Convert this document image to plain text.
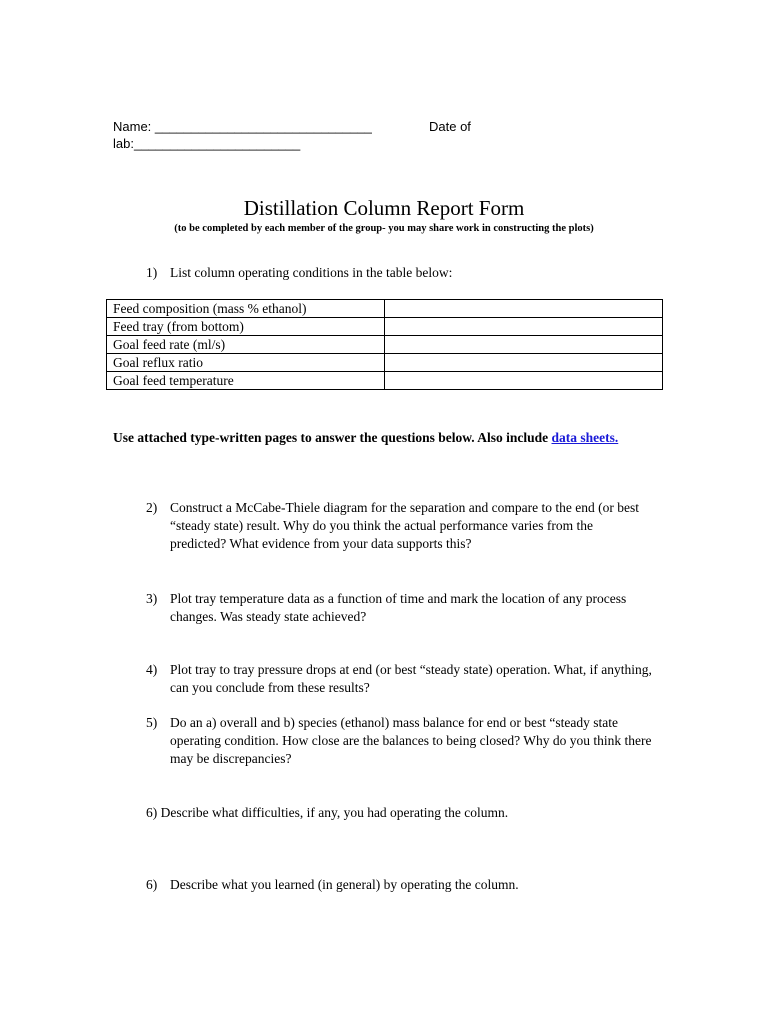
Name: ______________________________	Date of
lab:_______________________
Distillation Column Report Form
(to be completed by each member of the group- you may share work in constructing the plots)
1) List column operating conditions in the table below:
Feed composition (mass % ethanol)	
Feed tray (from bottom)	
Goal feed rate (ml/s)	
Goal reflux ratio	
Goal feed temperature	
Use attached type-written pages to answer the questions below. Also include data sheets.
2) Construct a McCabe-Thiele diagram for the separation and compare to the end (or best “steady state) result. Why do you think the actual performance varies from the predicted? What evidence from your data supports this?
3) Plot tray temperature data as a function of time and mark the location of any process changes. Was steady state achieved?
4) Plot tray to tray pressure drops at end (or best “steady state) operation. What, if anything, can you conclude from these results?
5) Do an a) overall and b) species (ethanol) mass balance for end or best “steady state operating condition. How close are the balances to being closed? Why do you think there may be discrepancies?
6) Describe what difficulties, if any, you had operating the column.
6) Describe what you learned (in general) by operating the column.
